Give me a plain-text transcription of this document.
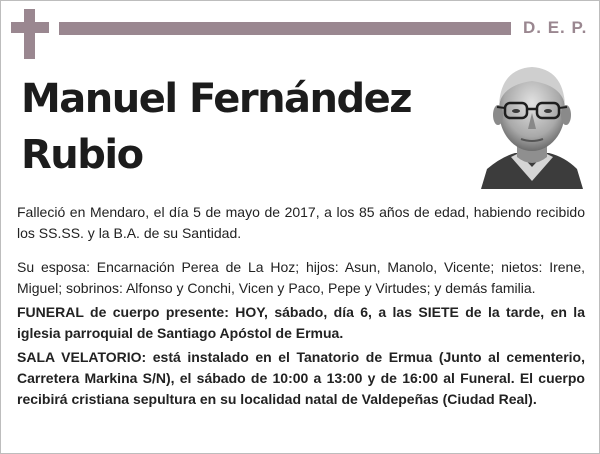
D. E. P.
Manuel Fernández Rubio

Falleció en Mendaro, el día 5 de mayo de 2017, a los 85 años de edad, habiendo recibido los SS.SS. y la B.A. de su Santidad.

Su esposa: Encarnación Perea de La Hoz; hijos: Asun, Manolo, Vicente; nietos: Irene, Miguel; sobrinos: Alfonso y Conchi, Vicen y Paco, Pepe y Virtudes; y demás familia.

FUNERAL de cuerpo presente: HOY, sábado, día 6, a las SIETE de la tarde, en la iglesia parroquial de Santiago Apóstol de Ermua.

SALA VELATORIO: está instalado en el Tanatorio de Ermua (Junto al cementerio, Carretera Markina S/N), el sábado de 10:00 a 13:00 y de 16:00 al Funeral. El cuerpo recibirá cristiana sepultura en su localidad natal de Valdepeñas (Ciudad Real).
